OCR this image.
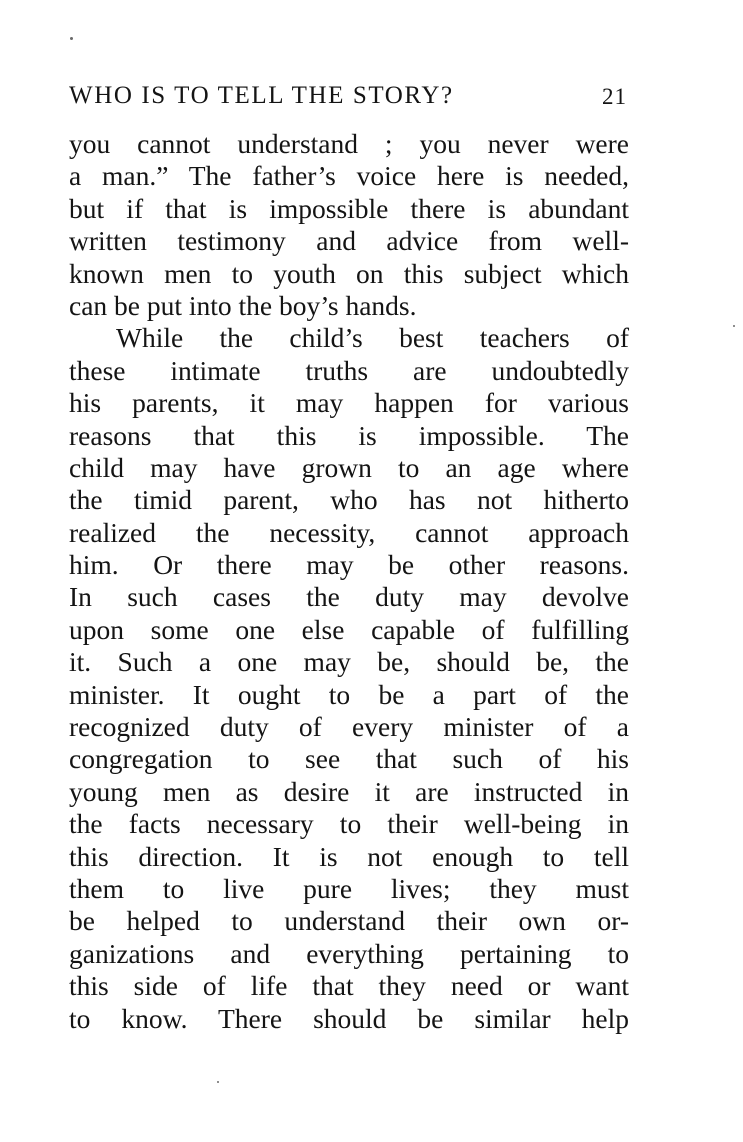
WHO IS TO TELL THE STORY?	21
you cannot understand ; you never were
a man.” The father’s voice here is needed,
but if that is impossible there is abundant
written testimony and advice from well-
known men to youth on this subject which
can be put into the boy’s hands.
While the child’s best teachers of
these intimate truths are undoubtedly
his parents, it may happen for various
reasons that this is impossible. The
child may have grown to an age where
the timid parent, who has not hitherto
realized the necessity, cannot approach
him. Or there may be other reasons.
In such cases the duty may devolve
upon some one else capable of fulfilling
it. Such a one may be, should be, the
minister. It ought to be a part of the
recognized duty of every minister of a
congregation to see that such of his
young men as desire it are instructed in
the facts necessary to their well-being in
this direction. It is not enough to tell
them to live pure lives; they must
be helped to understand their own or-
ganizations and everything pertaining to
this side of life that they need or want
to know. There should be similar help
